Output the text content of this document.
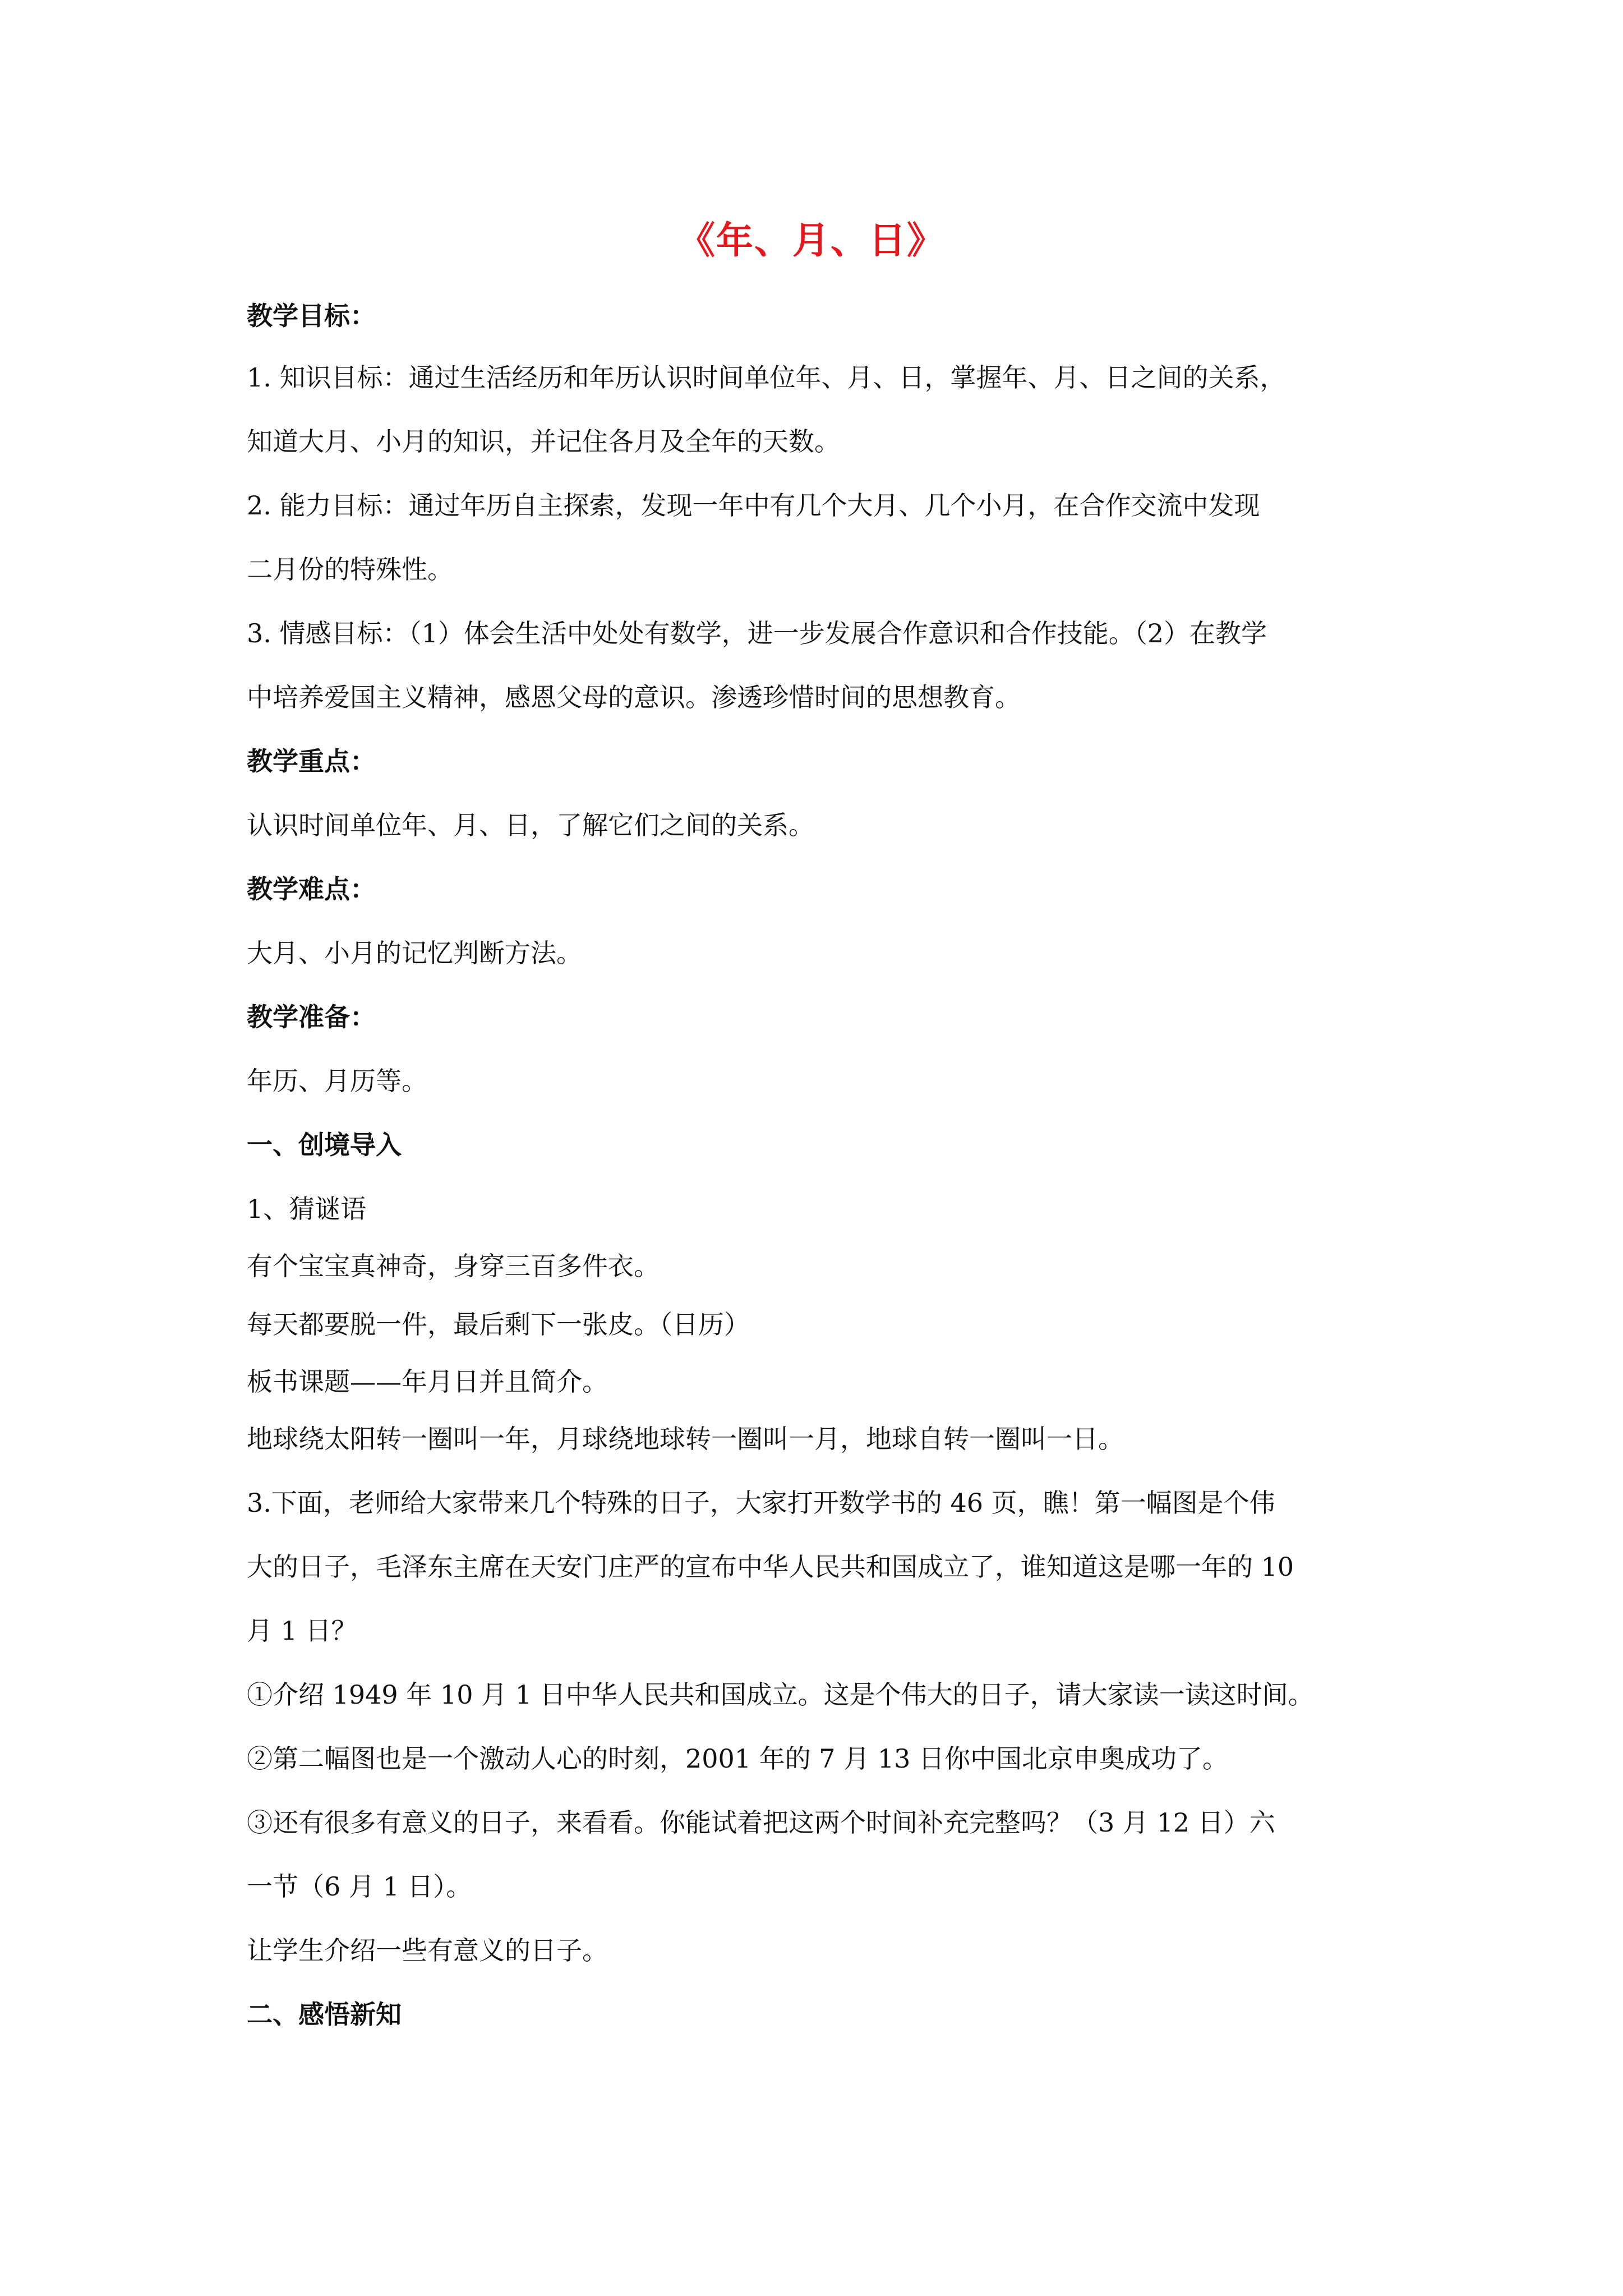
《年、月、日》
教学目标：
1. 知识目标：通过生活经历和年历认识时间单位年、月、日，掌握年、月、日之间的关系，
知道大月、小月的知识，并记住各月及全年的天数。
2. 能力目标：通过年历自主探索，发现一年中有几个大月、几个小月，在合作交流中发现
二月份的特殊性。
3. 情感目标：（1）体会生活中处处有数学，进一步发展合作意识和合作技能。（2）在教学
中培养爱国主义精神，感恩父母的意识。渗透珍惜时间的思想教育。
教学重点：
认识时间单位年、月、日，了解它们之间的关系。
教学难点：
大月、小月的记忆判断方法。
教学准备：
年历、月历等。
一、创境导入
1、猜谜语
有个宝宝真神奇，身穿三百多件衣。
每天都要脱一件，最后剩下一张皮。（日历）
板书课题——年月日并且简介。
地球绕太阳转一圈叫一年，月球绕地球转一圈叫一月，地球自转一圈叫一日。
3.下面，老师给大家带来几个特殊的日子，大家打开数学书的 46 页，瞧！第一幅图是个伟
大的日子，毛泽东主席在天安门庄严的宣布中华人民共和国成立了，谁知道这是哪一年的 10
月 1 日？
①介绍 1949 年 10 月 1 日中华人民共和国成立。这是个伟大的日子，请大家读一读这时间。
②第二幅图也是一个激动人心的时刻，2001 年的 7 月 13 日你中国北京申奥成功了。
③还有很多有意义的日子，来看看。你能试着把这两个时间补充完整吗？（3 月 12 日）六
一节（6 月 1 日）。
让学生介绍一些有意义的日子。
二、感悟新知
